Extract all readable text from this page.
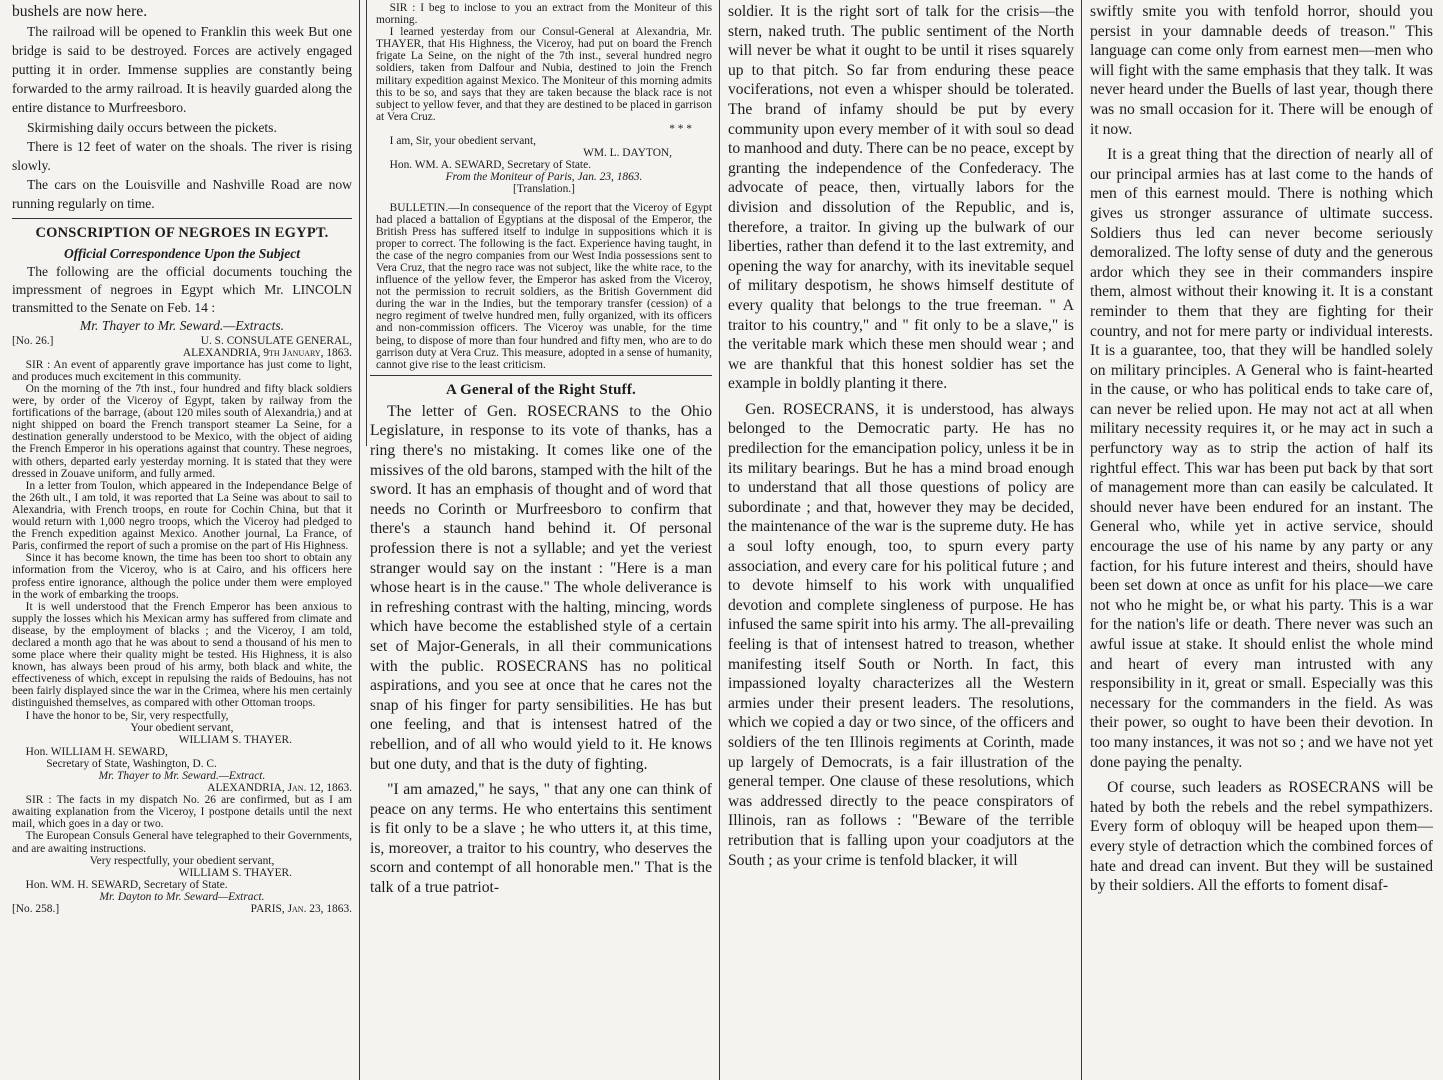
bushels are now here.

The railroad will be opened to Franklin this week But one bridge is said to be destroyed. Forces are actively engaged putting it in order. Immense supplies are constantly being forwarded to the army railroad. It is heavily guarded along the entire distance to Murfreesboro.

Skirmishing daily occurs between the pickets.

There is 12 feet of water on the shoals. The river is rising slowly.

The cars on the Louisville and Nashville Road are now running regularly on time.

CONSCRIPTION OF NEGROES IN EGYPT.

Official Correspondence Upon the Subject

The following are the official documents touching the impressment of negroes in Egypt which Mr. LINCOLN transmitted to the Senate on Feb. 14 :

Mr. Thayer to Mr. Seward.—Extracts.

[No. 26.]	U. S. CONSULATE GENERAL,

ALEXANDRIA, 9th January, 1863.

SIR : An event of apparently grave importance has just come to light, and produces much excitement in this community.

On the morning of the 7th inst., four hundred and fifty black soldiers were, by order of the Viceroy of Egypt, taken by railway from the fortifications of the barrage, (about 120 miles south of Alexandria,) and at night shipped on board the French transport steamer La Seine, for a destination generally understood to be Mexico, with the object of aiding the French Emperor in his operations against that country. These negroes, with others, departed early yesterday morning. It is stated that they were dressed in Zouave uniform, and fully armed.

In a letter from Toulon, which appeared in the Independance Belge of the 26th ult., I am told, it was reported that La Seine was about to sail to Alexandria, with French troops, en route for Cochin China, but that it would return with 1,000 negro troops, which the Viceroy had pledged to the French expedition against Mexico. Another journal, La France, of Paris, confirmed the report of such a promise on the part of His Highness.

Since it has become known, the time has been too short to obtain any information from the Viceroy, who is at Cairo, and his officers here profess entire ignorance, although the police under them were employed in the work of embarking the troops.

It is well understood that the French Emperor has been anxious to supply the losses which his Mexican army has suffered from climate and disease, by the employment of blacks ; and the Viceroy, I am told, declared a month ago that he was about to send a thousand of his men to some place where their quality might be tested. His Highness, it is also known, has always been proud of his army, both black and white, the effectiveness of which, except in repulsing the raids of Bedouins, has not been fairly displayed since the war in the Crimea, where his men certainly distinguished themselves, as compared with other Ottoman troops.

I have the honor to be, Sir, very respectfully,

Your obedient servant,

WILLIAM S. THAYER.

Hon. WILLIAM H. SEWARD,

Secretary of State, Washington, D. C.

Mr. Thayer to Mr. Seward.—Extract.

ALEXANDRIA, Jan. 12, 1863.

SIR : The facts in my dispatch No. 26 are confirmed, but as I am awaiting explanation from the Viceroy, I postpone details until the next mail, which goes in a day or two.

The European Consuls General have telegraphed to their Governments, and are awaiting instructions.

Very respectfully, your obedient servant,

WILLIAM S. THAYER.

Hon. WM. H. SEWARD, Secretary of State.

Mr. Dayton to Mr. Seward—Extract.

[No. 258.]	PARIS, Jan. 23, 1863.

SIR : I beg to inclose to you an extract from the Moniteur of this morning.

I learned yesterday from our Consul-General at Alexandria, Mr. THAYER, that His Highness, the Viceroy, had put on board the French frigate La Seine, on the night of the 7th inst., several hundred negro soldiers, taken from Dalfour and Nubia, destined to join the French military expedition against Mexico. The Moniteur of this morning admits this to be so, and says that they are taken because the black race is not subject to yellow fever, and that they are destined to be placed in garrison at Vera Cruz.

* * *

I am, Sir, your obedient servant,

WM. L. DAYTON,

Hon. WM. A. SEWARD, Secretary of State.

From the Moniteur of Paris, Jan. 23, 1863.

[Translation.]

BULLETIN.—In consequence of the report that the Viceroy of Egypt had placed a battalion of Egyptians at the disposal of the Emperor, the British Press has suffered itself to indulge in suppositions which it is proper to correct. The following is the fact. Experience having taught, in the case of the negro companies from our West India possessions sent to Vera Cruz, that the negro race was not subject, like the white race, to the influence of the yellow fever, the Emperor has asked from the Viceroy, not the permission to recruit soldiers, as the British Government did during the war in the Indies, but the temporary transfer (cession) of a negro regiment of twelve hundred men, fully organized, with its officers and non-commission officers. The Viceroy was unable, for the time being, to dispose of more than four hundred and fifty men, who are to do garrison duty at Vera Cruz. This measure, adopted in a sense of humanity, cannot give rise to the least criticism.

A General of the Right Stuff.

The letter of Gen. ROSECRANS to the Ohio Legislature, in response to its vote of thanks, has a ring there's no mistaking. It comes like one of the missives of the old barons, stamped with the hilt of the sword. It has an emphasis of thought and of word that needs no Corinth or Murfreesboro to confirm that there's a staunch hand behind it. Of personal profession there is not a syllable; and yet the veriest stranger would say on the instant : "Here is a man whose heart is in the cause." The whole deliverance is in refreshing contrast with the halting, mincing, words which have become the established style of a certain set of Major-Generals, in all their communications with the public. ROSECRANS has no political aspirations, and you see at once that he cares not the snap of his finger for party sensibilities. He has but one feeling, and that is intensest hatred of the rebellion, and of all who would yield to it. He knows but one duty, and that is the duty of fighting.

"I am amazed," he says, " that any one can think of peace on any terms. He who entertains this sentiment is fit only to be a slave ; he who utters it, at this time, is, moreover, a traitor to his country, who deserves the scorn and contempt of all honorable men." That is the talk of a true patriot-

soldier. It is the right sort of talk for the crisis—the stern, naked truth. The public sentiment of the North will never be what it ought to be until it rises squarely up to that pitch. So far from enduring these peace vociferations, not even a whisper should be tolerated. The brand of infamy should be put by every community upon every member of it with soul so dead to manhood and duty. There can be no peace, except by granting the independence of the Confederacy. The advocate of peace, then, virtually labors for the division and dissolution of the Republic, and is, therefore, a traitor. In giving up the bulwark of our liberties, rather than defend it to the last extremity, and opening the way for anarchy, with its inevitable sequel of military despotism, he shows himself destitute of every quality that belongs to the true freeman. " A traitor to his country," and " fit only to be a slave," is the veritable mark which these men should wear ; and we are thankful that this honest soldier has set the example in boldly planting it there.

Gen. ROSECRANS, it is understood, has always belonged to the Democratic party. He has no predilection for the emancipation policy, unless it be in its military bearings. But he has a mind broad enough to understand that all those questions of policy are subordinate ; and that, however they may be decided, the maintenance of the war is the supreme duty. He has a soul lofty enough, too, to spurn every party association, and every care for his political future ; and to devote himself to his work with unqualified devotion and complete singleness of purpose. He has infused the same spirit into his army. The all-prevailing feeling is that of intensest hatred to treason, whether manifesting itself South or North. In fact, this impassioned loyalty characterizes all the Western armies under their present leaders. The resolutions, which we copied a day or two since, of the officers and soldiers of the ten Illinois regiments at Corinth, made up largely of Democrats, is a fair illustration of the general temper. One clause of these resolutions, which was addressed directly to the peace conspirators of Illinois, ran as follows : "Beware of the terrible retribution that is falling upon your coadjutors at the South ; as your crime is tenfold blacker, it will

swiftly smite you with tenfold horror, should you persist in your damnable deeds of treason." This language can come only from earnest men—men who will fight with the same emphasis that they talk. It was never heard under the Buells of last year, though there was no small occasion for it. There will be enough of it now.

It is a great thing that the direction of nearly all of our principal armies has at last come to the hands of men of this earnest mould. There is nothing which gives us stronger assurance of ultimate success. Soldiers thus led can never become seriously demoralized. The lofty sense of duty and the generous ardor which they see in their commanders inspire them, almost without their knowing it. It is a constant reminder to them that they are fighting for their country, and not for mere party or individual interests. It is a guarantee, too, that they will be handled solely on military principles. A General who is faint-hearted in the cause, or who has political ends to take care of, can never be relied upon. He may not act at all when military necessity requires it, or he may act in such a perfunctory way as to strip the action of half its rightful effect. This war has been put back by that sort of management more than can easily be calculated. It should never have been endured for an instant. The General who, while yet in active service, should encourage the use of his name by any party or any faction, for his future interest and theirs, should have been set down at once as unfit for his place—we care not who he might be, or what his party. This is a war for the nation's life or death. There never was such an awful issue at stake. It should enlist the whole mind and heart of every man intrusted with any responsibility in it, great or small. Especially was this necessary for the commanders in the field. As was their power, so ought to have been their devotion. In too many instances, it was not so ; and we have not yet done paying the penalty.

Of course, such leaders as ROSECRANS will be hated by both the rebels and the rebel sympathizers. Every form of obloquy will be heaped upon them—every style of detraction which the combined forces of hate and dread can invent. But they will be sustained by their soldiers. All the efforts to foment disaf-
